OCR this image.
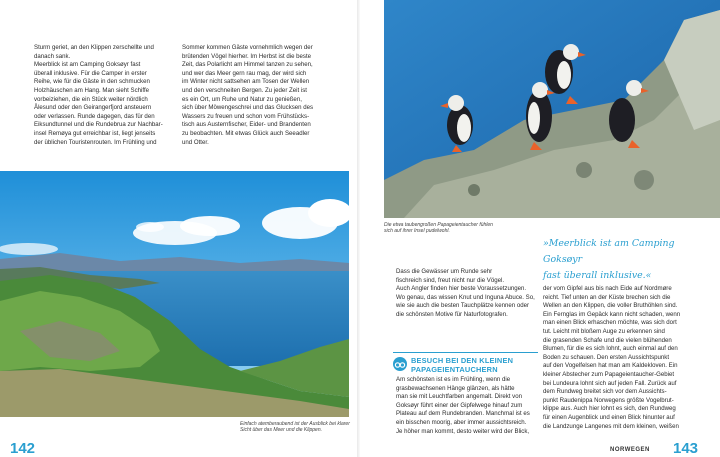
Sturm geriet, an den Klippen zerschellte und
danach sank.
Meerblick ist am Camping Goksøyr fast
überall inklusive. Für die Camper in erster
Reihe, wie für die Gäste in den schmucken
Holzhäuschen am Hang. Man sieht Schiffe
vorbeiziehen, die ein Stück weiter nördlich
Ålesund oder den Geirangerfjord ansteuern
oder verlassen. Runde dagegen, das für den
Eiksundtunnel und die Rundebrua zur Nachbar-
insel Remøya gut erreichbar ist, liegt jenseits
der üblichen Touristenrouten. Im Frühling und
Sommer kommen Gäste vornehmlich wegen der
brütenden Vögel hierher. Im Herbst ist die beste
Zeit, das Polarlicht am Himmel tanzen zu sehen,
und wer das Meer gern rau mag, der wird sich
im Winter nicht sattsehen am Tosen der Wellen
und den verschneiten Bergen. Zu jeder Zeit ist
es ein Ort, um Ruhe und Natur zu genießen,
sich über Möwengeschrei und das Glucksen des
Wassers zu freuen und schon vom Frühstücks-
tisch aus Austernfischer, Eider- und Brandenten
zu beobachten. Mit etwas Glück auch Seeadler
und Otter.
Einfach atemberaubend ist der Ausblick bei klarer
Sicht über das Meer und die Klippen.
142
Die etwa taubengroßen Papageientaucher fühlen
sich auf ihrer Insel pudelwohl.
»Meerblick ist am Camping Goksøyr
fast überall inklusive.«
Dass die Gewässer um Runde sehr
fischreich sind, freut nicht nur die Vögel.
Auch Angler finden hier beste Voraussetzungen.
Wo genau, das wissen Knut und Inguna Abuce. So,
wie sie auch die besten Tauchplätze kennen oder
die schönsten Motive für Naturfotografen.
BESUCH BEI DEN KLEINEN
PAPAGEIENTAUCHERN
Am schönsten ist es im Frühling, wenn die
grasbewachsenen Hänge glänzen, als hätte
man sie mit Leuchtfarben angemalt. Direkt von
Goksøyr führt einer der Gipfelwege hinauf zum
Plateau auf dem Rundebranden. Manchmal ist es
ein bisschen moorig, aber immer aussichtsreich.
Je höher man kommt, desto weiter wird der Blick,
der vom Gipfel aus bis nach Eide auf Nordmøre
reicht. Tief unten an der Küste brechen sich die
Wellen an den Klippen, die voller Bruthöhlen sind.
Ein Fernglas im Gepäck kann nicht schaden, wenn
man einen Blick erhaschen möchte, was sich dort
tut. Leicht mit bloßem Auge zu erkennen sind
die grasenden Schafe und die vielen blühenden
Blumen, für die es sich lohnt, auch einmal auf den
Boden zu schauen. Den ersten Aussichtspunkt
auf den Vogelfelsen hat man am Kaldekloven. Ein
kleiner Abstecher zum Papageientaucher-Gebiet
bei Lundeura lohnt sich auf jeden Fall. Zurück auf
dem Rundweg breitet sich vor dem Aussichts-
punkt Raudenippa Norwegens größte Vogelbrut-
klippe aus. Auch hier lohnt es sich, den Rundweg
für einen Augenblick und einen Blick hinunter auf
die Landzunge Langenes mit dem kleinen, weißen
NORWEGEN 143
